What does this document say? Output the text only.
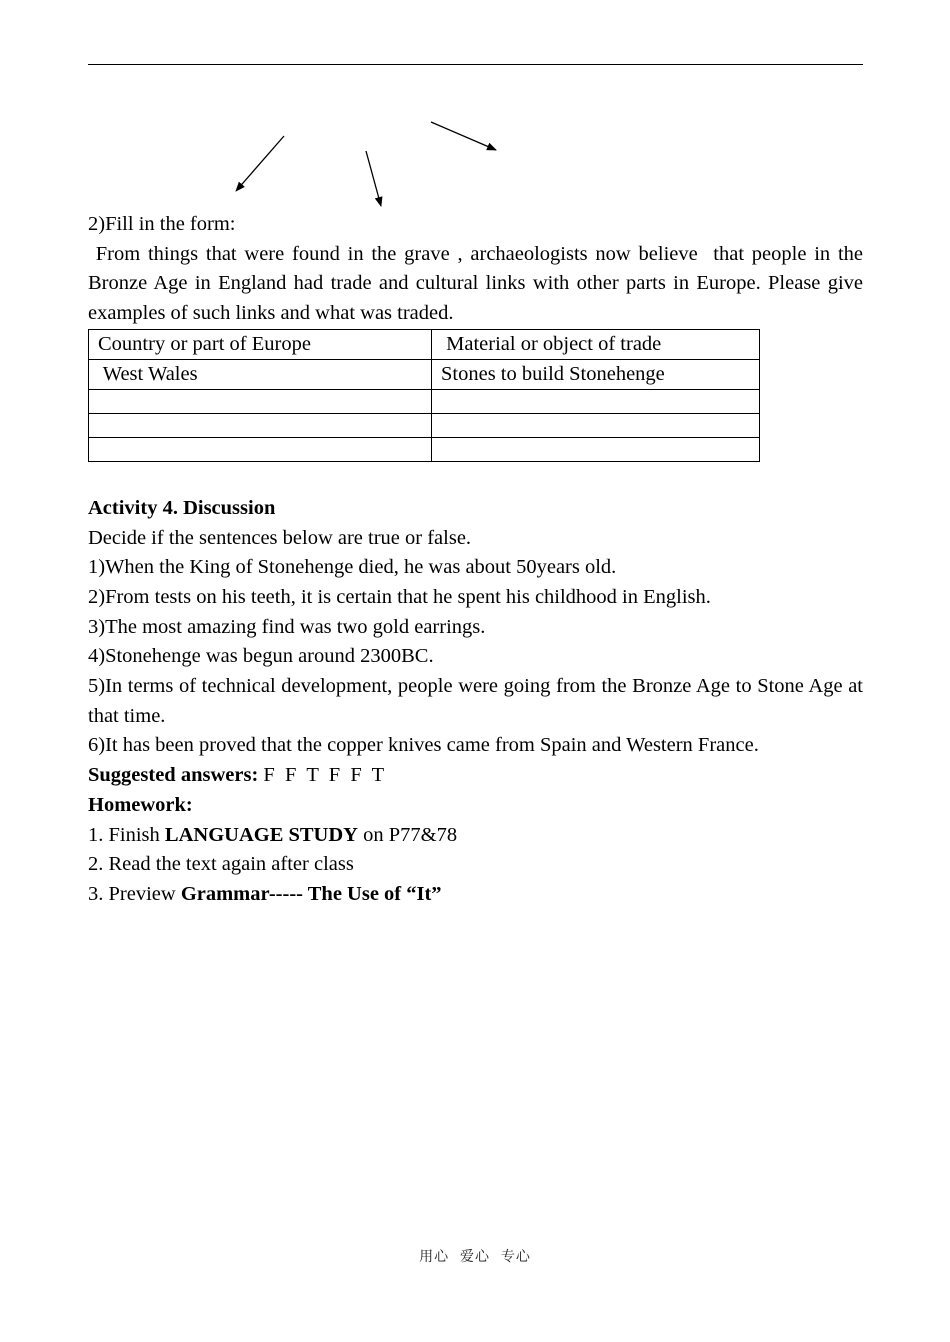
2)Fill in the form:

From things that were found in the grave , archaeologists now believe  that people in the Bronze Age in England had trade and cultural links with other parts in Europe. Please give examples of such links and what was traded.

Country or part of Europe	Material or object of trade
West Wales	Stones to build Stonehenge

Activity 4. Discussion

Decide if the sentences below are true or false.

1)When the King of Stonehenge died, he was about 50years old.

2)From tests on his teeth, it is certain that he spent his childhood in English.

3)The most amazing find was two gold earrings.

4)Stonehenge was begun around 2300BC.

5)In terms of technical development, people were going from the Bronze Age to Stone Age at that time.

6)It has been proved that the copper knives came from Spain and Western France.

Suggested answers: F  F  T  F  F  T

Homework:

1. Finish LANGUAGE STUDY on P77&78

2. Read the text again after class

3. Preview Grammar----- The Use of “It”

用心  爱心  专心
